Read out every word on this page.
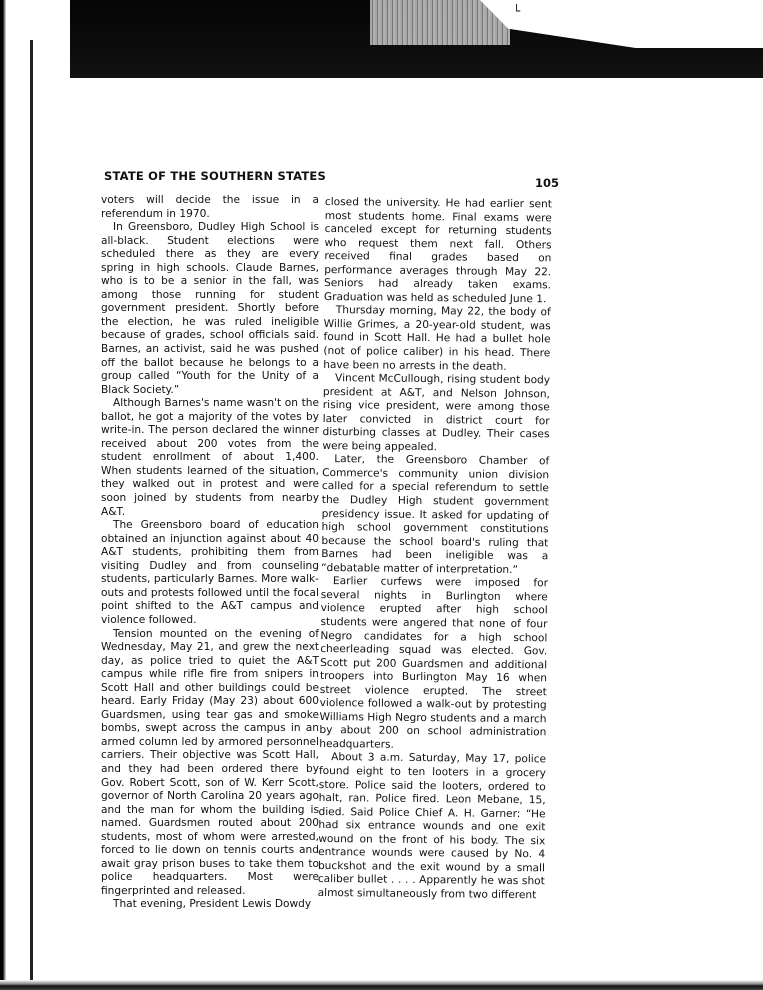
└
STATE OF THE SOUTHERN STATES	105

voters will decide the issue in a referendum in 1970.

In Greensboro, Dudley High School is all-black. Student elections were scheduled there as they are every spring in high schools. Claude Barnes, who is to be a senior in the fall, was among those running for student government president. Shortly before the election, he was ruled ineligible because of grades, school officials said. Barnes, an activist, said he was pushed off the ballot because he belongs to a group called “Youth for the Unity of a Black Society.”

Although Barnes's name wasn't on the ballot, he got a majority of the votes by write-in. The person declared the winner received about 200 votes from the student enrollment of about 1,400. When students learned of the situation, they walked out in protest and were soon joined by students from nearby A&T.

The Greensboro board of education obtained an injunction against about 40 A&T students, prohibiting them from visiting Dudley and from counseling students, particularly Barnes. More walk-outs and protests followed until the focal point shifted to the A&T campus and violence followed.

Tension mounted on the evening of Wednesday, May 21, and grew the next day, as police tried to quiet the A&T campus while rifle fire from snipers in Scott Hall and other buildings could be heard. Early Friday (May 23) about 600 Guardsmen, using tear gas and smoke bombs, swept across the campus in an armed column led by armored personnel carriers. Their objective was Scott Hall, and they had been ordered there by Gov. Robert Scott, son of W. Kerr Scott, governor of North Carolina 20 years ago and the man for whom the building is named. Guardsmen routed about 200 students, most of whom were arrested, forced to lie down on tennis courts and await gray prison buses to take them to police headquarters. Most were fingerprinted and released.

That evening, President Lewis Dowdy

closed the university. He had earlier sent most students home. Final exams were canceled except for returning students who request them next fall. Others received final grades based on performance averages through May 22. Seniors had already taken exams. Graduation was held as scheduled June 1.

Thursday morning, May 22, the body of Willie Grimes, a 20-year-old student, was found in Scott Hall. He had a bullet hole (not of police caliber) in his head. There have been no arrests in the death.

Vincent McCullough, rising student body president at A&T, and Nelson Johnson, rising vice president, were among those later convicted in district court for disturbing classes at Dudley. Their cases were being appealed.

Later, the Greensboro Chamber of Commerce's community union division called for a special referendum to settle the Dudley High student government presidency issue. It asked for updating of high school government constitutions because the school board's ruling that Barnes had been ineligible was a “debatable matter of interpretation.”

Earlier curfews were imposed for several nights in Burlington where violence erupted after high school students were angered that none of four Negro candidates for a high school cheerleading squad was elected. Gov. Scott put 200 Guardsmen and additional troopers into Burlington May 16 when street violence erupted. The street violence followed a walk-out by protesting Williams High Negro students and a march by about 200 on school administration headquarters.

About 3 a.m. Saturday, May 17, police found eight to ten looters in a grocery store. Police said the looters, ordered to halt, ran. Police fired. Leon Mebane, 15, died. Said Police Chief A. H. Garner: “He had six entrance wounds and one exit wound on the front of his body. The six entrance wounds were caused by No. 4 buckshot and the exit wound by a small caliber bullet . . . . Apparently he was shot almost simultaneously from two different
